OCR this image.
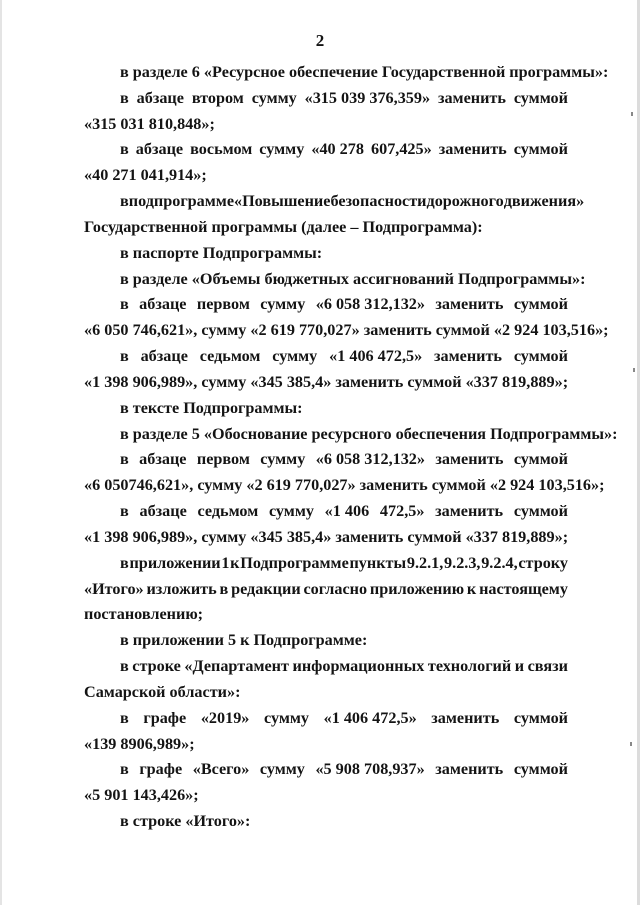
2
в разделе 6 «Ресурсное обеспечение Государственной программы»:
в абзаце втором сумму «315 039 376,359» заменить суммой
«315 031 810,848»;
в абзаце восьмом сумму «40 278 607,425» заменить суммой
«40 271 041,914»;
в подпрограмме «Повышение безопасности дорожного движения»
Государственной программы (далее – Подпрограмма):
в паспорте Подпрограммы:
в разделе «Объемы бюджетных ассигнований Подпрограммы»:
в абзаце первом сумму «6 058 312,132» заменить суммой
«6 050 746,621», сумму «2 619 770,027» заменить суммой «2 924 103,516»;
в абзаце седьмом сумму «1 406 472,5» заменить суммой
«1 398 906,989», сумму «345 385,4» заменить суммой «337 819,889»;
в тексте Подпрограммы:
в разделе 5 «Обоснование ресурсного обеспечения Подпрограммы»:
в абзаце первом сумму «6 058 312,132» заменить суммой
«6 050746,621», сумму «2 619 770,027» заменить суммой «2 924 103,516»;
в абзаце седьмом сумму «1 406 472,5» заменить суммой
«1 398 906,989», сумму «345 385,4» заменить суммой «337 819,889»;
в приложении 1 к Подпрограмме пункты 9.2.1, 9.2.3, 9.2.4, строку
«Итого» изложить в редакции согласно приложению к настоящему
постановлению;
в приложении 5 к Подпрограмме:
в строке «Департамент информационных технологий и связи
Самарской области»:
в графе «2019» сумму «1 406 472,5» заменить суммой
«139 8906,989»;
в графе «Всего» сумму «5 908 708,937» заменить суммой
«5 901 143,426»;
в строке «Итого»:
